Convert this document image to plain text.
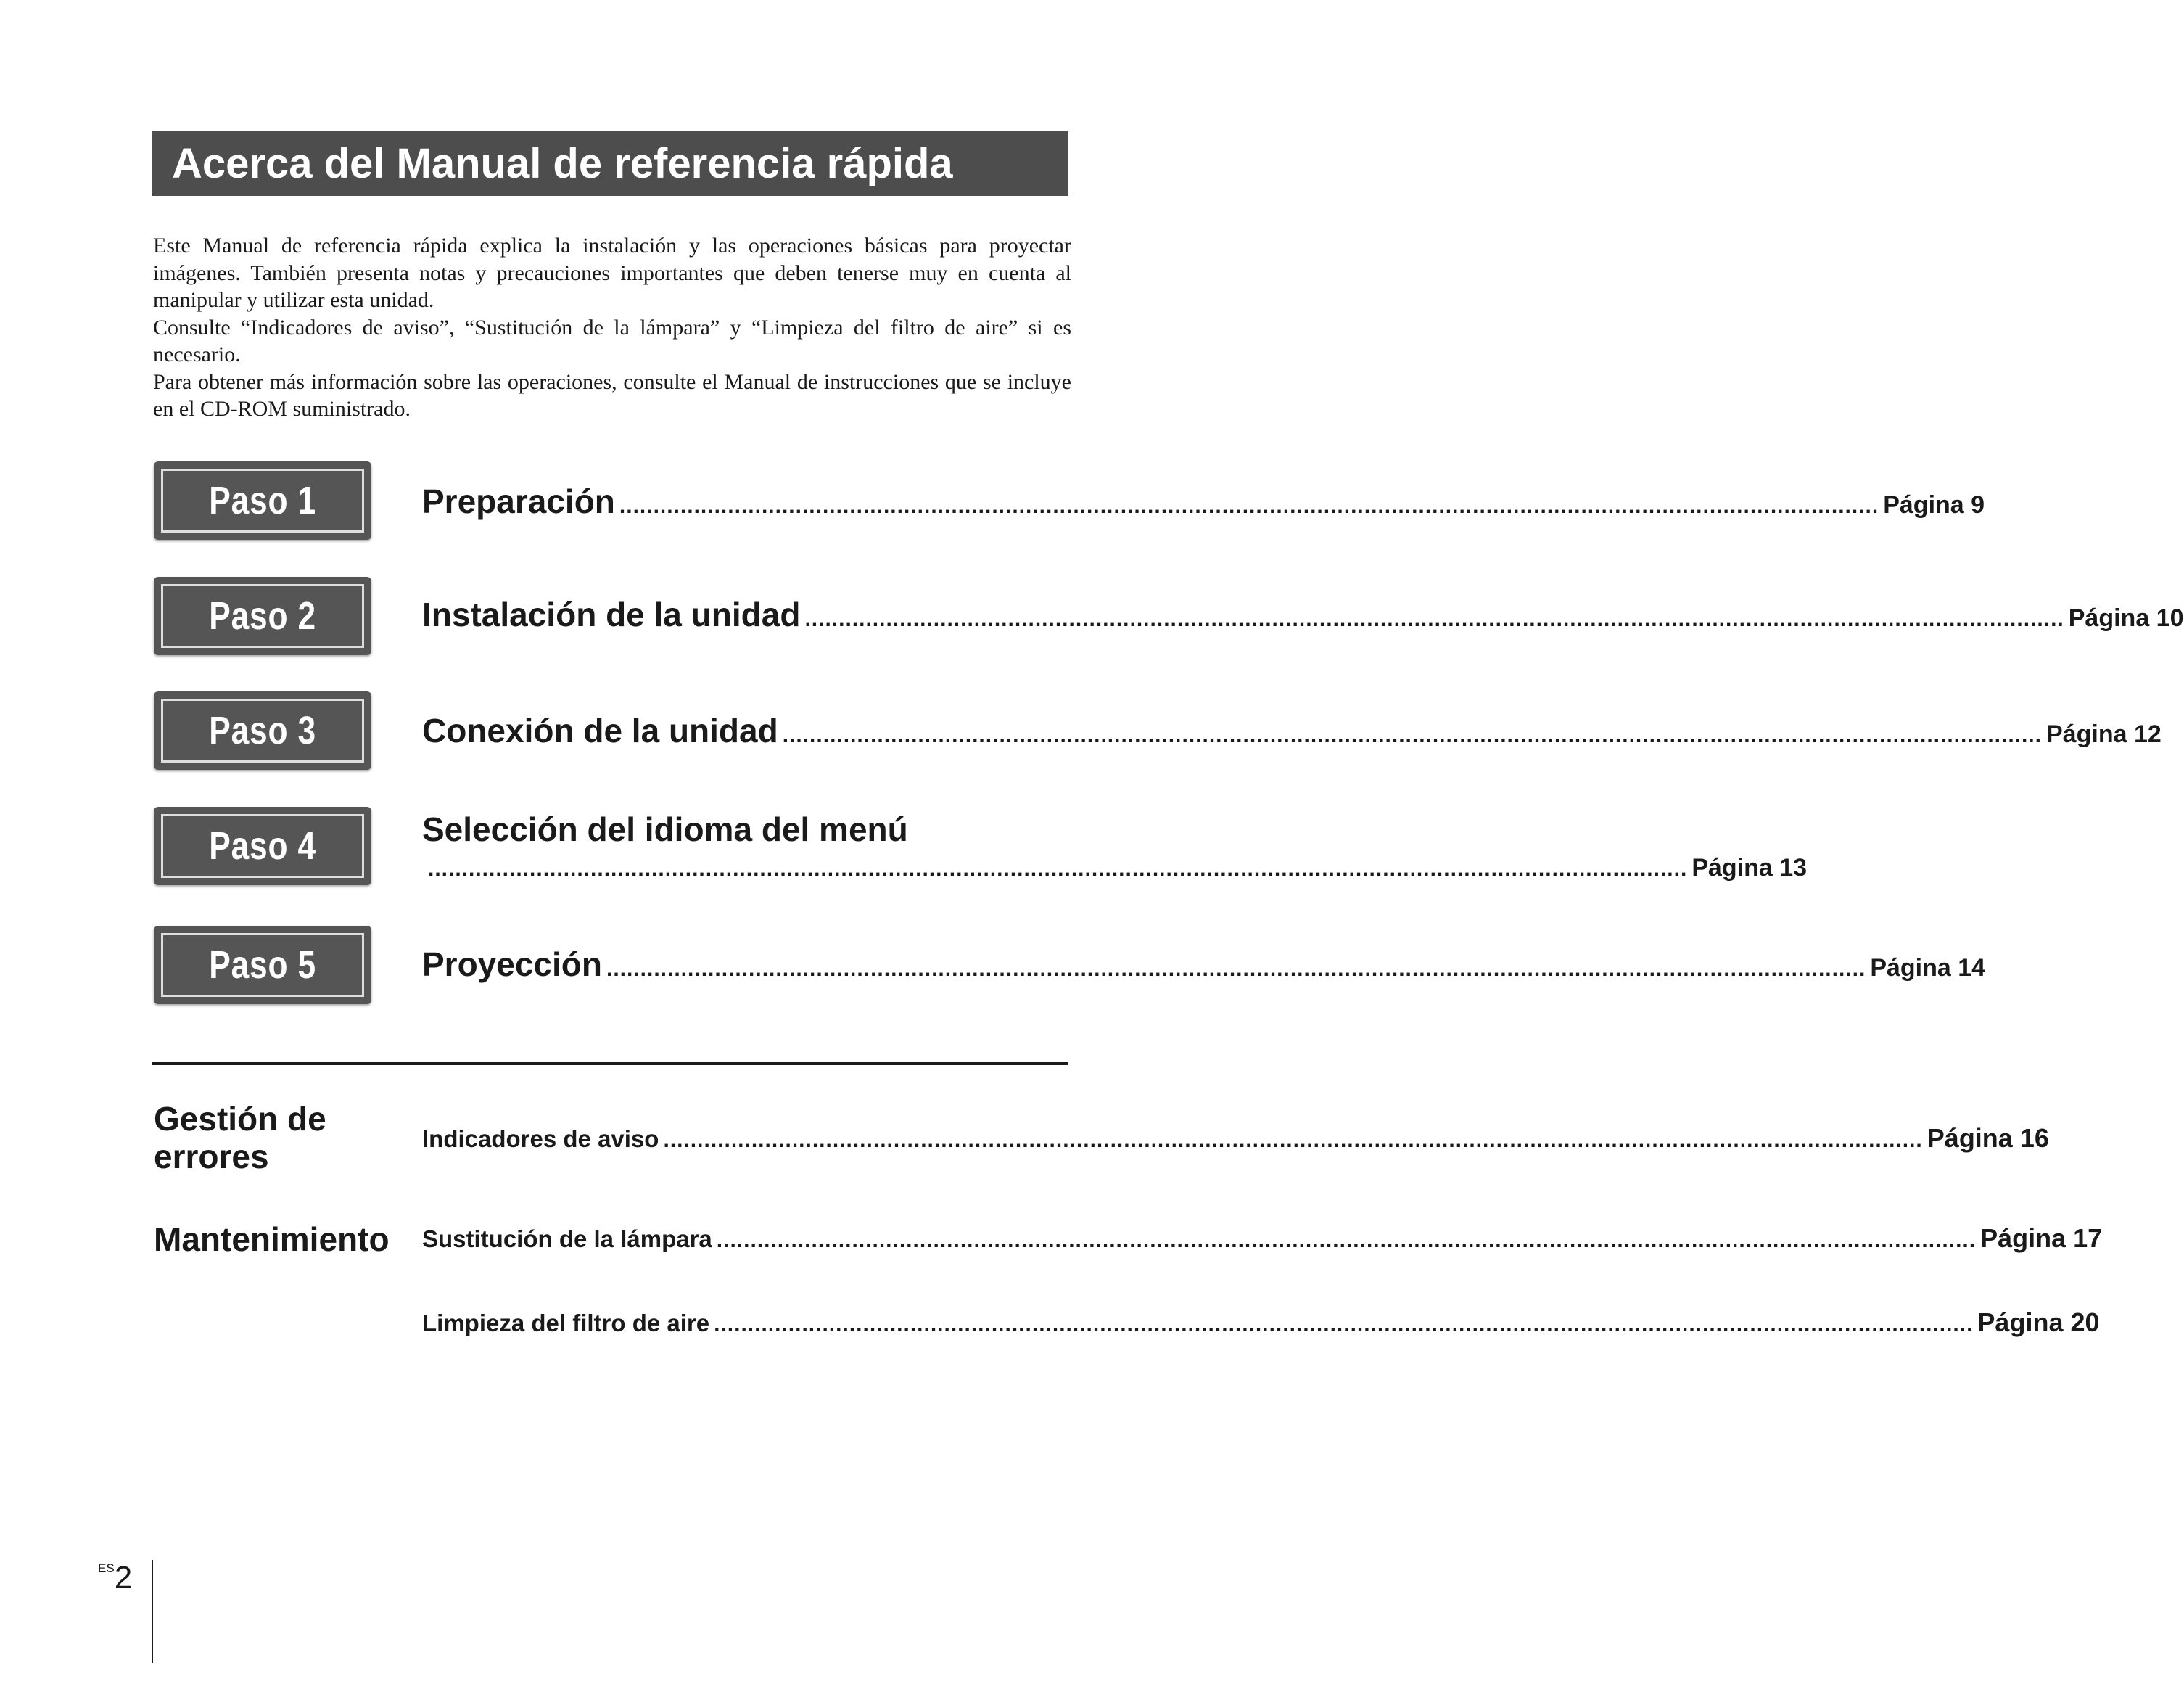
Acerca del Manual de referencia rápida

Este Manual de referencia rápida explica la instalación y las operaciones básicas para proyectar imágenes. También presenta notas y precauciones importantes que deben tenerse muy en cuenta al manipular y utilizar esta unidad.

Consulte “Indicadores de aviso”, “Sustitución de la lámpara” y “Limpieza del filtro de aire” si es necesario.

Para obtener más información sobre las operaciones, consulte el Manual de instrucciones que se incluye en el CD-ROM suministrado.

Paso 1	Preparación .......................................................................................................................................................................................... Página 9
Paso 2	Instalación de la unidad .......................................................................................................................................................................................... Página 10
Paso 3	Conexión de la unidad .......................................................................................................................................................................................... Página 12
Paso 4	Selección del idioma del menú
.......................................................................................................................................................................................... Página 13
Paso 5	Proyección .......................................................................................................................................................................................... Página 14
Gestión de errores	Indicadores de aviso .......................................................................................................................................................................................... Página 16
Mantenimiento Sustitución de la lámpara .......................................................................................................................................................................................... Página 17
Limpieza del filtro de aire .......................................................................................................................................................................................... Página 20
ES2
